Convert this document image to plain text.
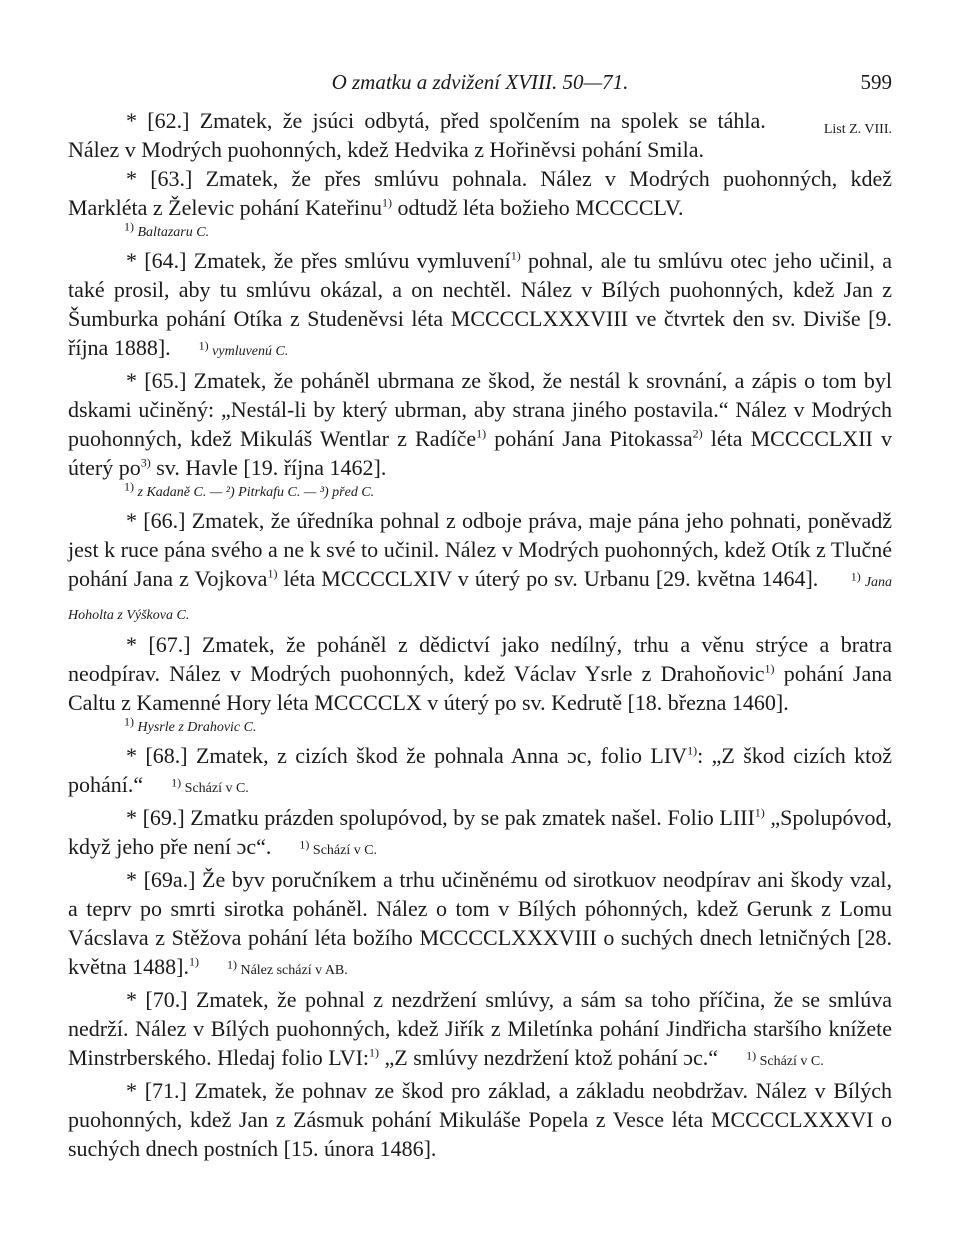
O zmatku a zdvižení XVIII. 50—71.	599

List Z. VIII.
* [62.] Zmatek, že jsúci odbytá, před spolčením na spolek se táhla. Nález v Modrých puohonných, kdež Hedvika z Hořiněvsi pohání Smila.

* [63.] Zmatek, že přes smlúvu pohnala. Nález v Modrých puohonných, kdež Markléta z Želevic pohání Kateřinu$^{1)}$ odtudž léta božieho MCCCCLV.

$^{1)}$ Baltazaru C.

* [64.] Zmatek, že přes smlúvu vymluvení$^{1)}$ pohnal, ale tu smlúvu otec jeho učinil, a také prosil, aby tu smlúvu okázal, a on nechtěl. Nález v Bílých puohonných, kdež Jan z Šumburka pohání Otíka z Studeněvsi léta MCCCCLXXXVIII ve čtvrtek den sv. Diviše [9. října 1888]. $^{1)}$ vymluvenú C.

* [65.] Zmatek, že poháněl ubrmana ze škod, že nestál k srovnání, a zápis o tom byl dskami učiněný: „Nestál-li by který ubrman, aby strana jiného postavila.“ Nález v Modrých puohonných, kdež Mikuláš Wentlar z Radíče$^{1)}$ pohání Jana Pitokassa$^{2)}$ léta MCCCCLXII v úterý $po^{3)}$ sv. Havle [19. října 1462].

$^{1)}$ z Kadaně C. — ²) Pitrkafu C. — ³) před C.

* [66.] Zmatek, že úředníka pohnal z odboje práva, maje pána jeho pohnati, poněvadž jest k ruce pána svého a ne k své to učinil. Nález v Modrých puohonných, kdež Otík z Tlučné pohání Jana z Vojkova$^{1)}$ léta MCCCCLXIV v úterý po sv. Urbanu [29. května 1464].	$^{1)}$ Jana Hoholta z Výškova C.

* [67.] Zmatek, že poháněl z dědictví jako nedílný, trhu a věnu strýce a bratra neodpírav. Nález v Modrých puohonných, kdež Václav Ysrle z Drahoňovic$^{1)}$ pohání Jana Caltu z Kamenné Hory léta MCCCCLX v úterý po sv. Kedrutě [18. března 1460].

$^{1)}$ Hysrle z Drahovic C.

* [68.] Zmatek, z cizích škod že pohnala Anna ɔc, folio LIV$^{1)}$: „Z škod cizích ktož pohání.“ $^{1)}$ Schází v C.

* [69.] Zmatku prázden spolupóvod, by se pak zmatek našel. Folio LIII$^{1)}$ „Spolupóvod, když jeho pře není ɔc“. $^{1)}$ Schází v C.

* [69a.] Že byv poručníkem a trhu učiněnému od sirotkuov neodpírav ani škody vzal, a teprv po smrti sirotka poháněl. Nález o tom v Bílých póhonných, kdež Gerunk z Lomu Vácslava z Stěžova pohání léta božího MCCCCLXXXVIII o suchých dnech letničných [28. května 1488].$^{1)}$ $^{1)}$ Nález schází v AB.

* [70.] Zmatek, že pohnal z nezdržení smlúvy, a sám sa toho příčina, že se smlúva nedrží. Nález v Bílých puohonných, kdež Jiřík z Miletínka pohání Jindřicha staršího knížete Minstrberského. Hledaj folio LVI:$^{1)}$ „Z smlúvy nezdržení ktož pohání ɔc.“ $^{1)}$ Schází v C.

* [71.] Zmatek, že pohnav ze škod pro základ, a základu neobdržav. Nález v Bílých puohonných, kdež Jan z Zásmuk pohání Mikuláše Popela z Vesce léta MCCCCLXXXVI o suchých dnech postních [15. února 1486].
